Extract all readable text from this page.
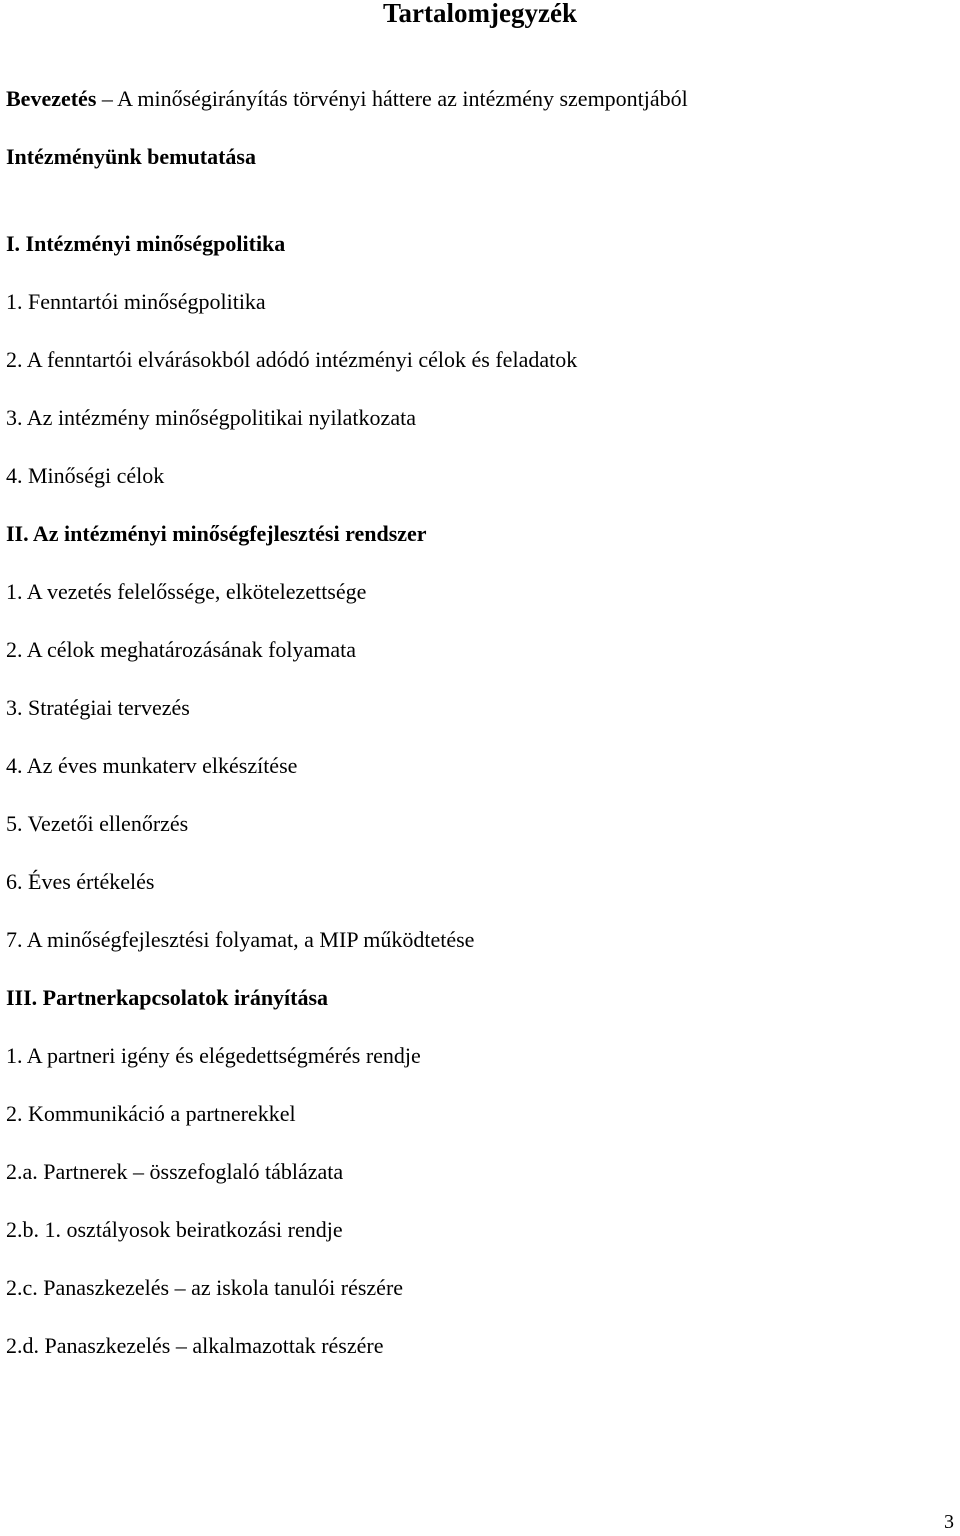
Tartalomjegyzék
Bevezetés – A minőségirányítás törvényi háttere az intézmény szempontjából
Intézményünk bemutatása
I. Intézményi minőségpolitika
1. Fenntartói minőségpolitika
2. A fenntartói elvárásokból adódó intézményi célok és feladatok
3. Az intézmény minőségpolitikai nyilatkozata
4. Minőségi célok
II. Az intézményi minőségfejlesztési rendszer
1. A vezetés felelőssége, elkötelezettsége
2. A célok meghatározásának folyamata
3. Stratégiai tervezés
4. Az éves munkaterv elkészítése
5. Vezetői ellenőrzés
6. Éves értékelés
7. A minőségfejlesztési folyamat, a MIP működtetése
III. Partnerkapcsolatok irányítása
1. A partneri igény és elégedettségmérés rendje
2. Kommunikáció a partnerekkel
2.a. Partnerek – összefoglaló táblázata
2.b. 1. osztályosok beiratkozási rendje
2.c. Panaszkezelés – az iskola tanulói részére
2.d. Panaszkezelés – alkalmazottak részére
3
